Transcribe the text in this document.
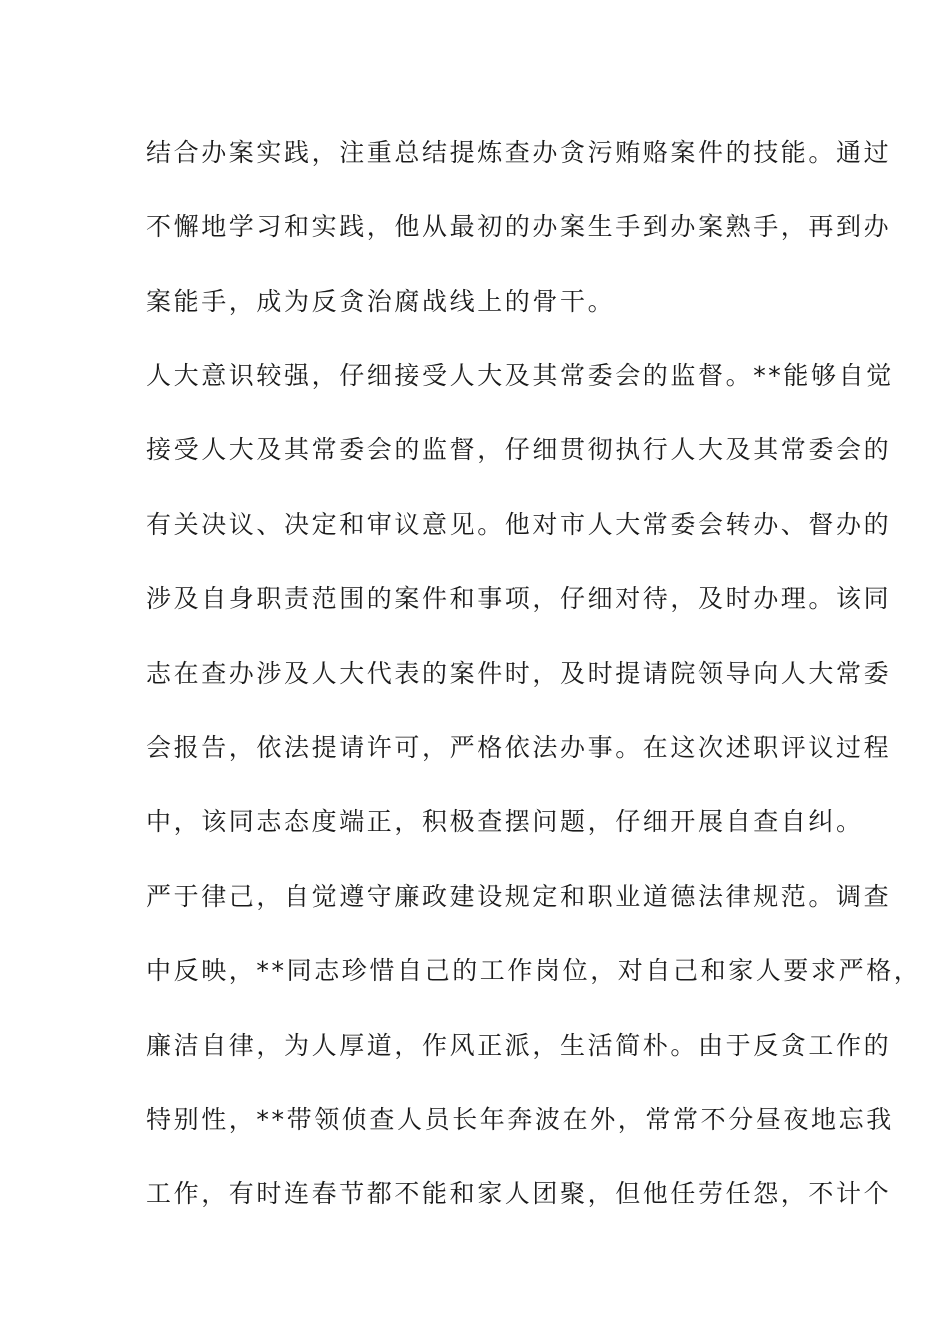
结合办案实践，注重总结提炼查办贪污贿赂案件的技能。通过
不懈地学习和实践，他从最初的办案生手到办案熟手，再到办
案能手，成为反贪治腐战线上的骨干。
人大意识较强，仔细接受人大及其常委会的监督。**能够自觉
接受人大及其常委会的监督，仔细贯彻执行人大及其常委会的
有关决议、决定和审议意见。他对市人大常委会转办、督办的
涉及自身职责范围的案件和事项，仔细对待，及时办理。该同
志在查办涉及人大代表的案件时，及时提请院领导向人大常委
会报告，依法提请许可，严格依法办事。在这次述职评议过程
中，该同志态度端正，积极查摆问题，仔细开展自查自纠。
严于律己，自觉遵守廉政建设规定和职业道德法律规范。调查
中反映，**同志珍惜自己的工作岗位，对自己和家人要求严格，
廉洁自律，为人厚道，作风正派，生活简朴。由于反贪工作的
特别性，**带领侦查人员长年奔波在外，常常不分昼夜地忘我
工作，有时连春节都不能和家人团聚，但他任劳任怨，不计个
